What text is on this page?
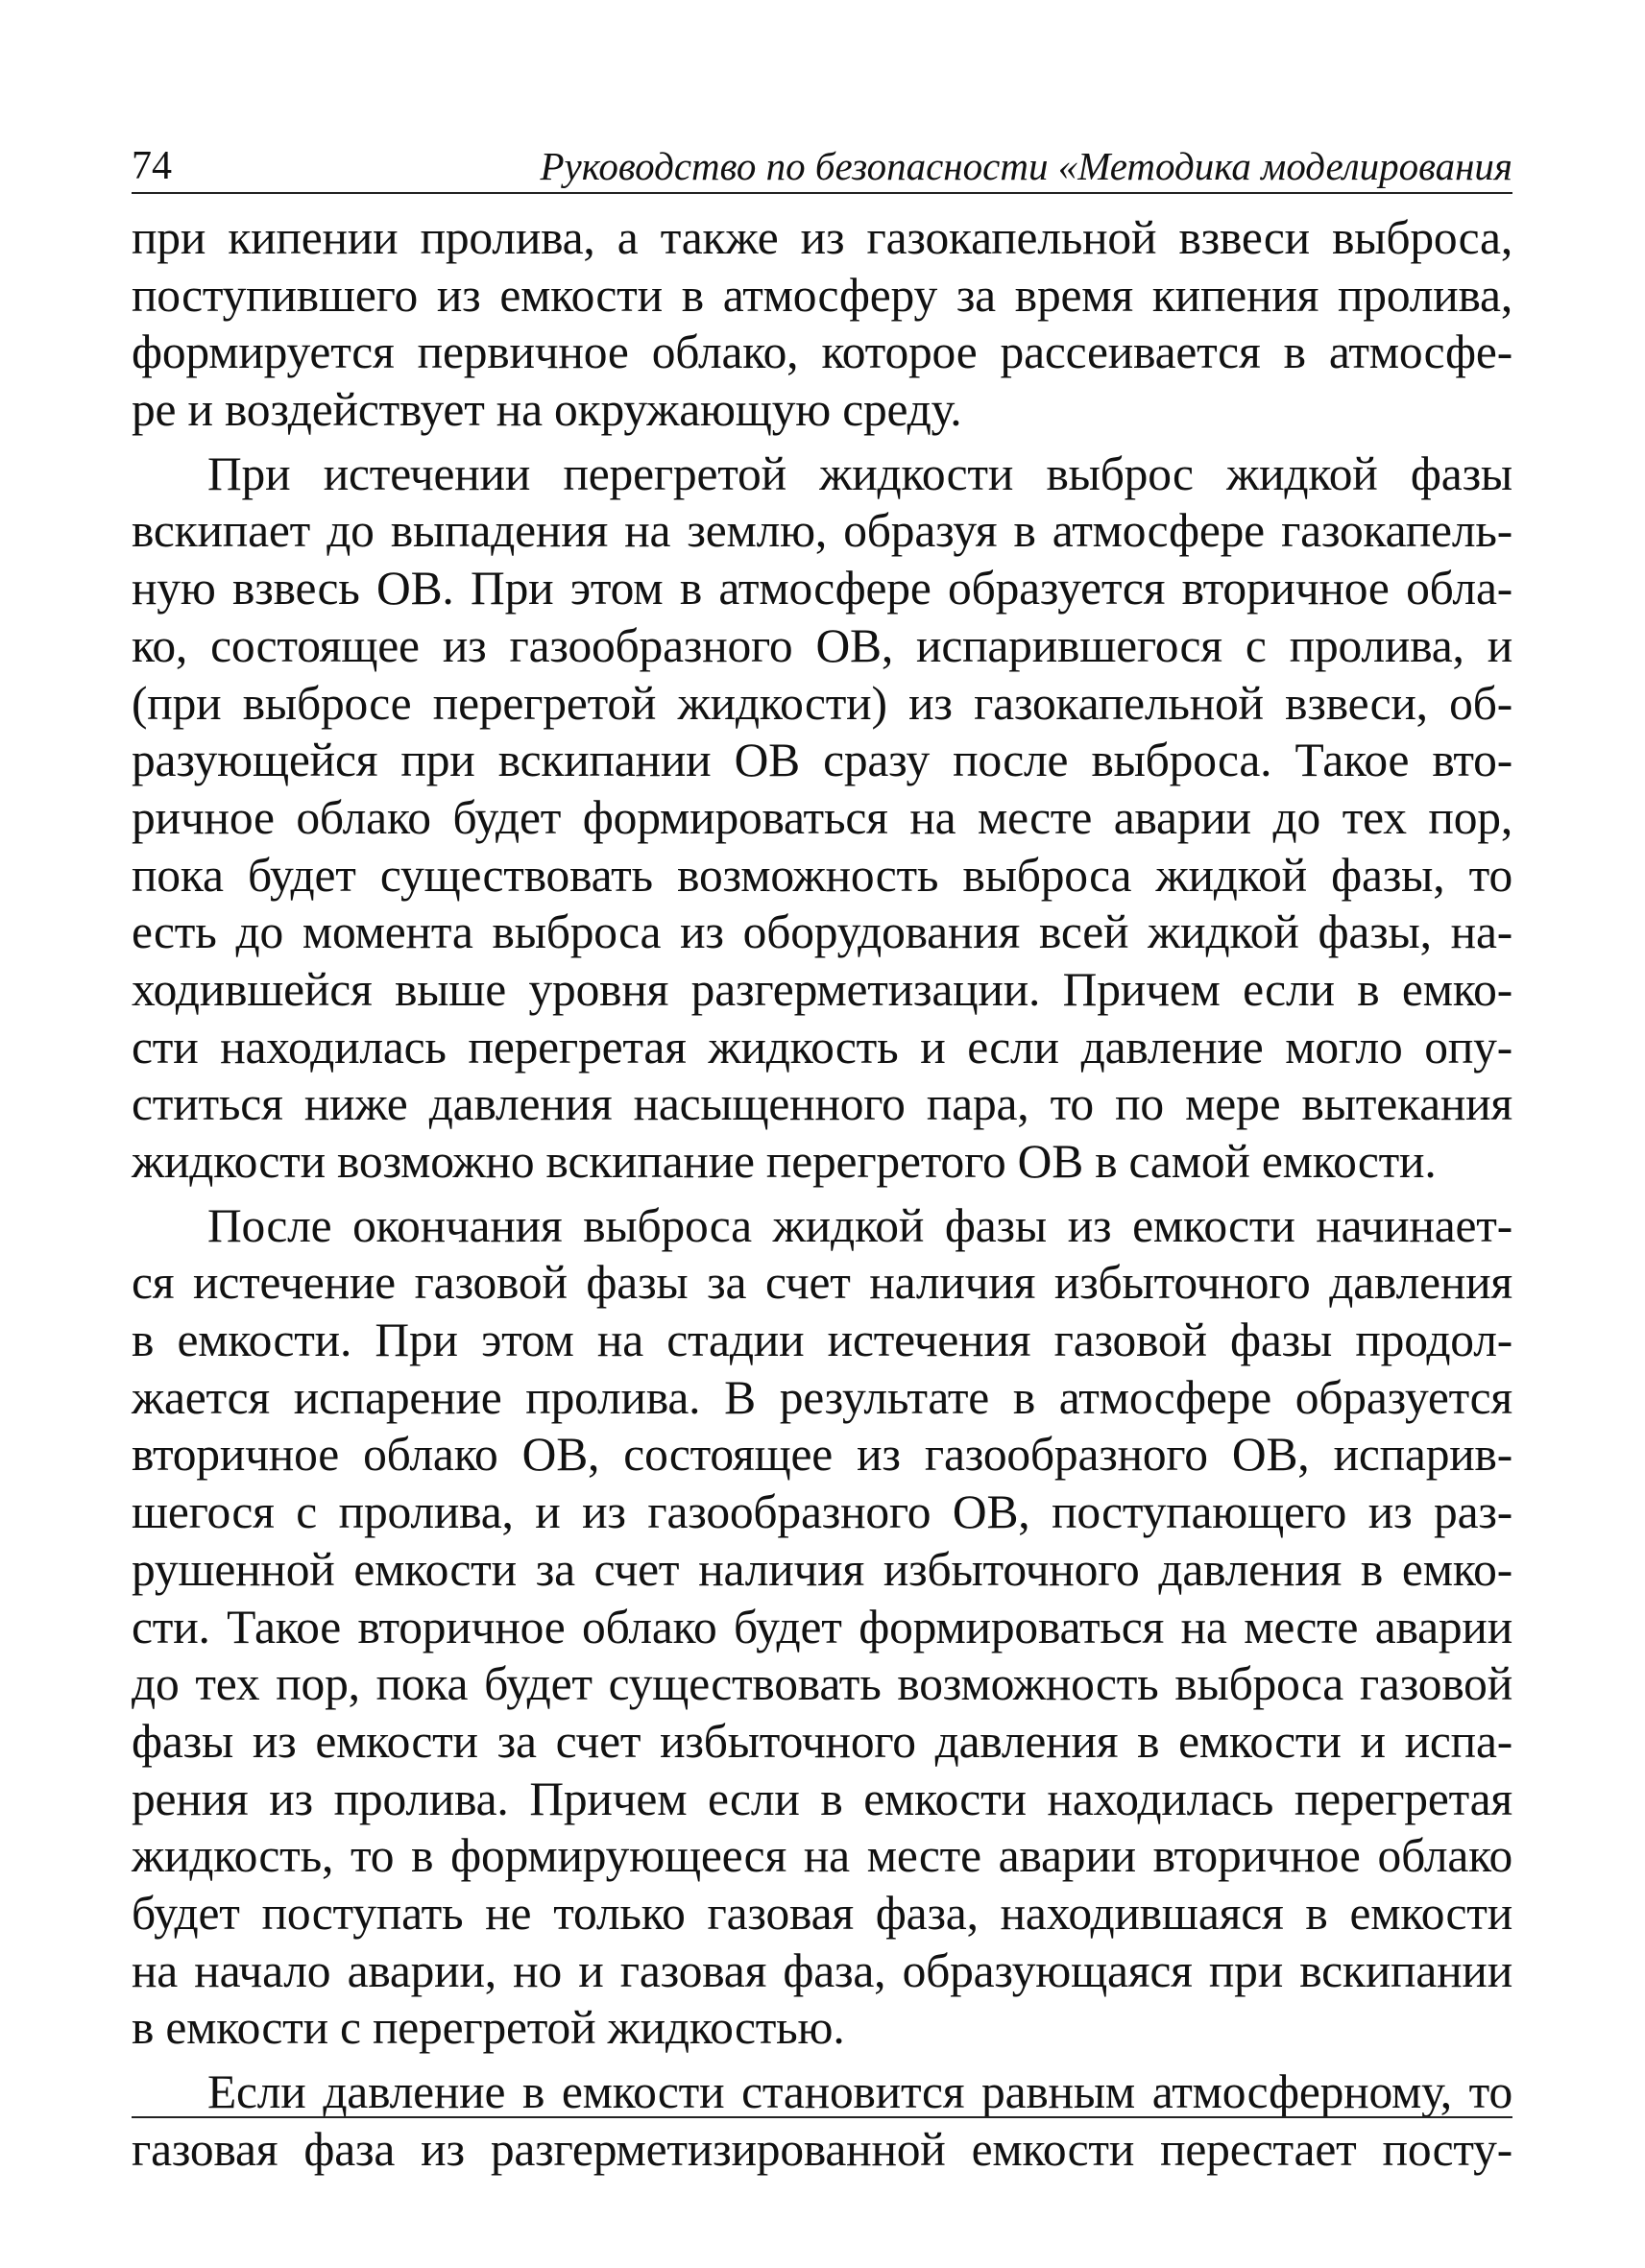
74	Руководство по безопасности «Методика моделирования
при кипении пролива, а также из газокапельной взвеси выброса,
поступившего из емкости в атмосферу за время кипения пролива,
формируется первичное облако, которое рассеивается в атмосфе-
ре и воздействует на окружающую среду.
При истечении перегретой жидкости выброс жидкой фазы
вскипает до выпадения на землю, образуя в атмосфере газокапель-
ную взвесь ОВ. При этом в атмосфере образуется вторичное обла-
ко, состоящее из газообразного ОВ, испарившегося с пролива, и
(при выбросе перегретой жидкости) из газокапельной взвеси, об-
разующейся при вскипании ОВ сразу после выброса. Такое вто-
ричное облако будет формироваться на месте аварии до тех пор,
пока будет существовать возможность выброса жидкой фазы, то
есть до момента выброса из оборудования всей жидкой фазы, на-
ходившейся выше уровня разгерметизации. Причем если в емко-
сти находилась перегретая жидкость и если давление могло опу-
ститься ниже давления насыщенного пара, то по мере вытекания
жидкости возможно вскипание перегретого ОВ в самой емкости.
После окончания выброса жидкой фазы из емкости начинает-
ся истечение газовой фазы за счет наличия избыточного давления
в емкости. При этом на стадии истечения газовой фазы продол-
жается испарение пролива. В результате в атмосфере образуется
вторичное облако ОВ, состоящее из газообразного ОВ, испарив-
шегося с пролива, и из газообразного ОВ, поступающего из раз-
рушенной емкости за счет наличия избыточного давления в емко-
сти. Такое вторичное облако будет формироваться на месте аварии
до тех пор, пока будет существовать возможность выброса газовой
фазы из емкости за счет избыточного давления в емкости и испа-
рения из пролива. Причем если в емкости находилась перегретая
жидкость, то в формирующееся на месте аварии вторичное облако
будет поступать не только газовая фаза, находившаяся в емкости
на начало аварии, но и газовая фаза, образующаяся при вскипании
в емкости с перегретой жидкостью.
Если давление в емкости становится равным атмосферному, то
газовая фаза из разгерметизированной емкости перестает посту-
